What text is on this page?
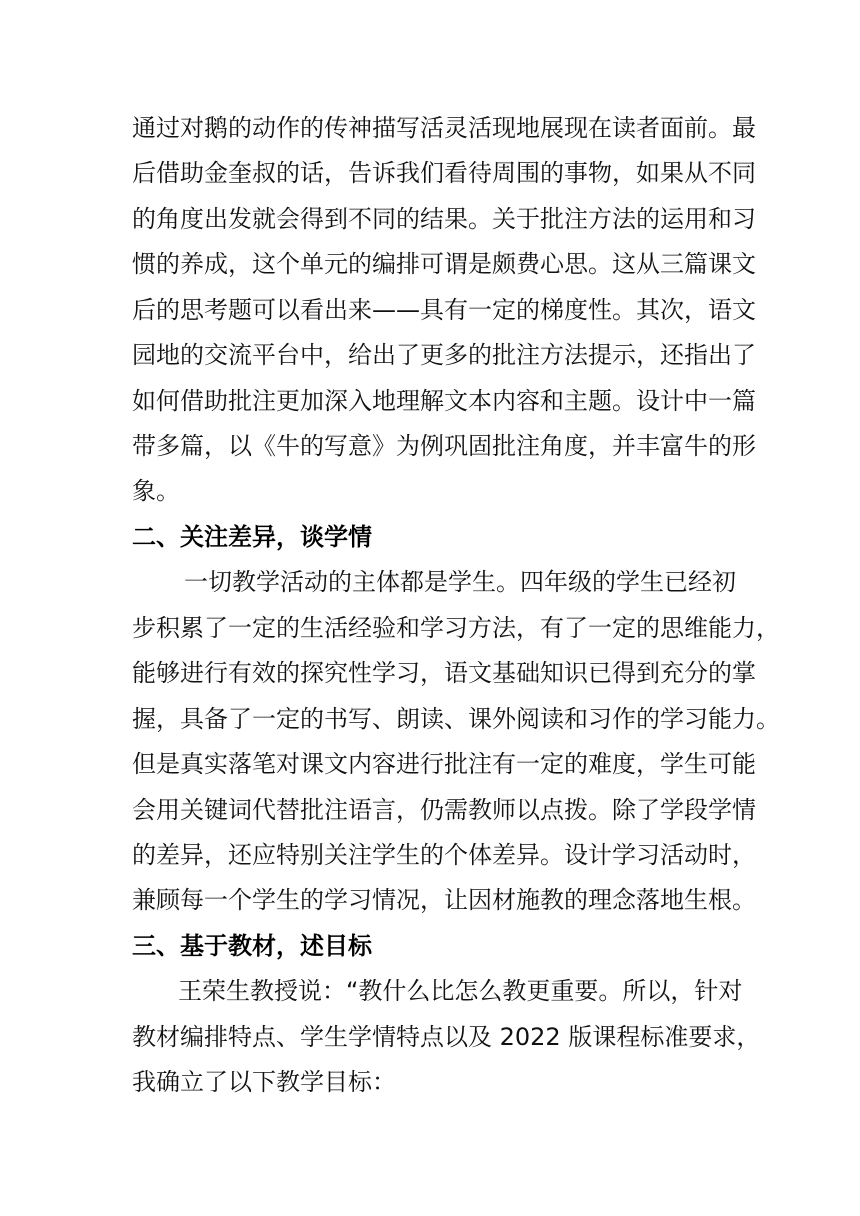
通过对鹅的动作的传神描写活灵活现地展现在读者面前。最
后借助金奎叔的话，告诉我们看待周围的事物，如果从不同
的角度出发就会得到不同的结果。关于批注方法的运用和习
惯的养成，这个单元的编排可谓是颇费心思。这从三篇课文
后的思考题可以看出来——具有一定的梯度性。其次，语文
园地的交流平台中，给出了更多的批注方法提示，还指出了
如何借助批注更加深入地理解文本内容和主题。设计中一篇
带多篇，以《牛的写意》为例巩固批注角度，并丰富牛的形
象。
二、关注差异，谈学情
一切教学活动的主体都是学生。四年级的学生已经初
步积累了一定的生活经验和学习方法，有了一定的思维能力，
能够进行有效的探究性学习，语文基础知识已得到充分的掌
握，具备了一定的书写、朗读、课外阅读和习作的学习能力。
但是真实落笔对课文内容进行批注有一定的难度，学生可能
会用关键词代替批注语言，仍需教师以点拨。除了学段学情
的差异，还应特别关注学生的个体差异。设计学习活动时，
兼顾每一个学生的学习情况，让因材施教的理念落地生根。
三、基于教材，述目标
王荣生教授说：“教什么比怎么教更重要。所以，针对
教材编排特点、学生学情特点以及 2022 版课程标准要求，
我确立了以下教学目标：
